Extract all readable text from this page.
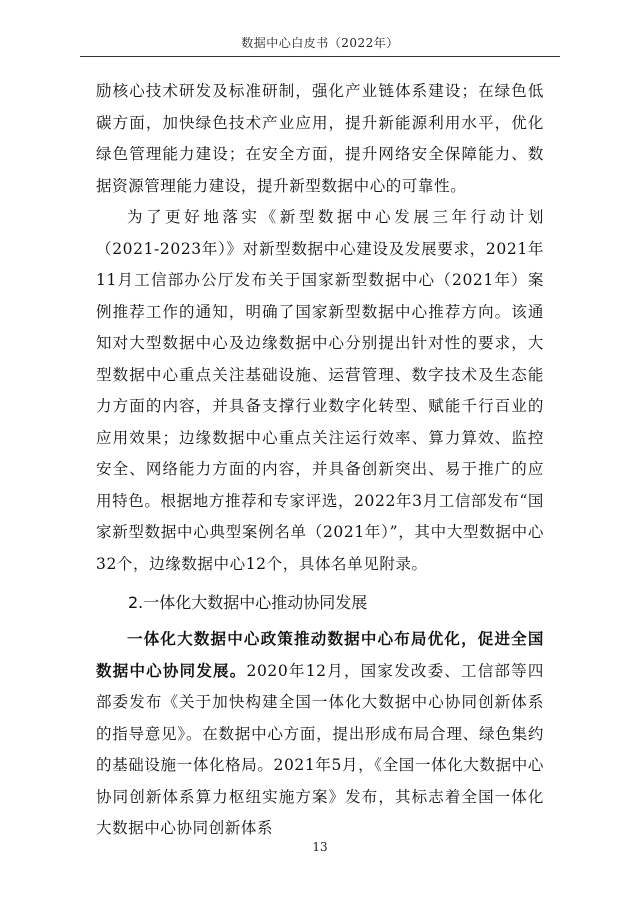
数据中心白皮书（2022年）

励核心技术研发及标准研制，强化产业链体系建设；在绿色低碳方面，加快绿色技术产业应用，提升新能源利用水平，优化绿色管理能力建设；在安全方面，提升网络安全保障能力、数据资源管理能力建设，提升新型数据中心的可靠性。

为了更好地落实《新型数据中心发展三年行动计划（2021-2023年）》对新型数据中心建设及发展要求，2021年11月工信部办公厅发布关于国家新型数据中心（2021年）案例推荐工作的通知，明确了国家新型数据中心推荐方向。该通知对大型数据中心及边缘数据中心分别提出针对性的要求，大型数据中心重点关注基础设施、运营管理、数字技术及生态能力方面的内容，并具备支撑行业数字化转型、赋能千行百业的应用效果；边缘数据中心重点关注运行效率、算力算效、监控安全、网络能力方面的内容，并具备创新突出、易于推广的应用特色。根据地方推荐和专家评选，2022年3月工信部发布“国家新型数据中心典型案例名单（2021年）”，其中大型数据中心32个，边缘数据中心12个，具体名单见附录。

2.一体化大数据中心推动协同发展

一体化大数据中心政策推动数据中心布局优化，促进全国数据中心协同发展。2020年12月，国家发改委、工信部等四部委发布《关于加快构建全国一体化大数据中心协同创新体系的指导意见》。在数据中心方面，提出形成布局合理、绿色集约的基础设施一体化格局。2021年5月，《全国一体化大数据中心协同创新体系算力枢纽实施方案》发布，其标志着全国一体化大数据中心协同创新体系

13
